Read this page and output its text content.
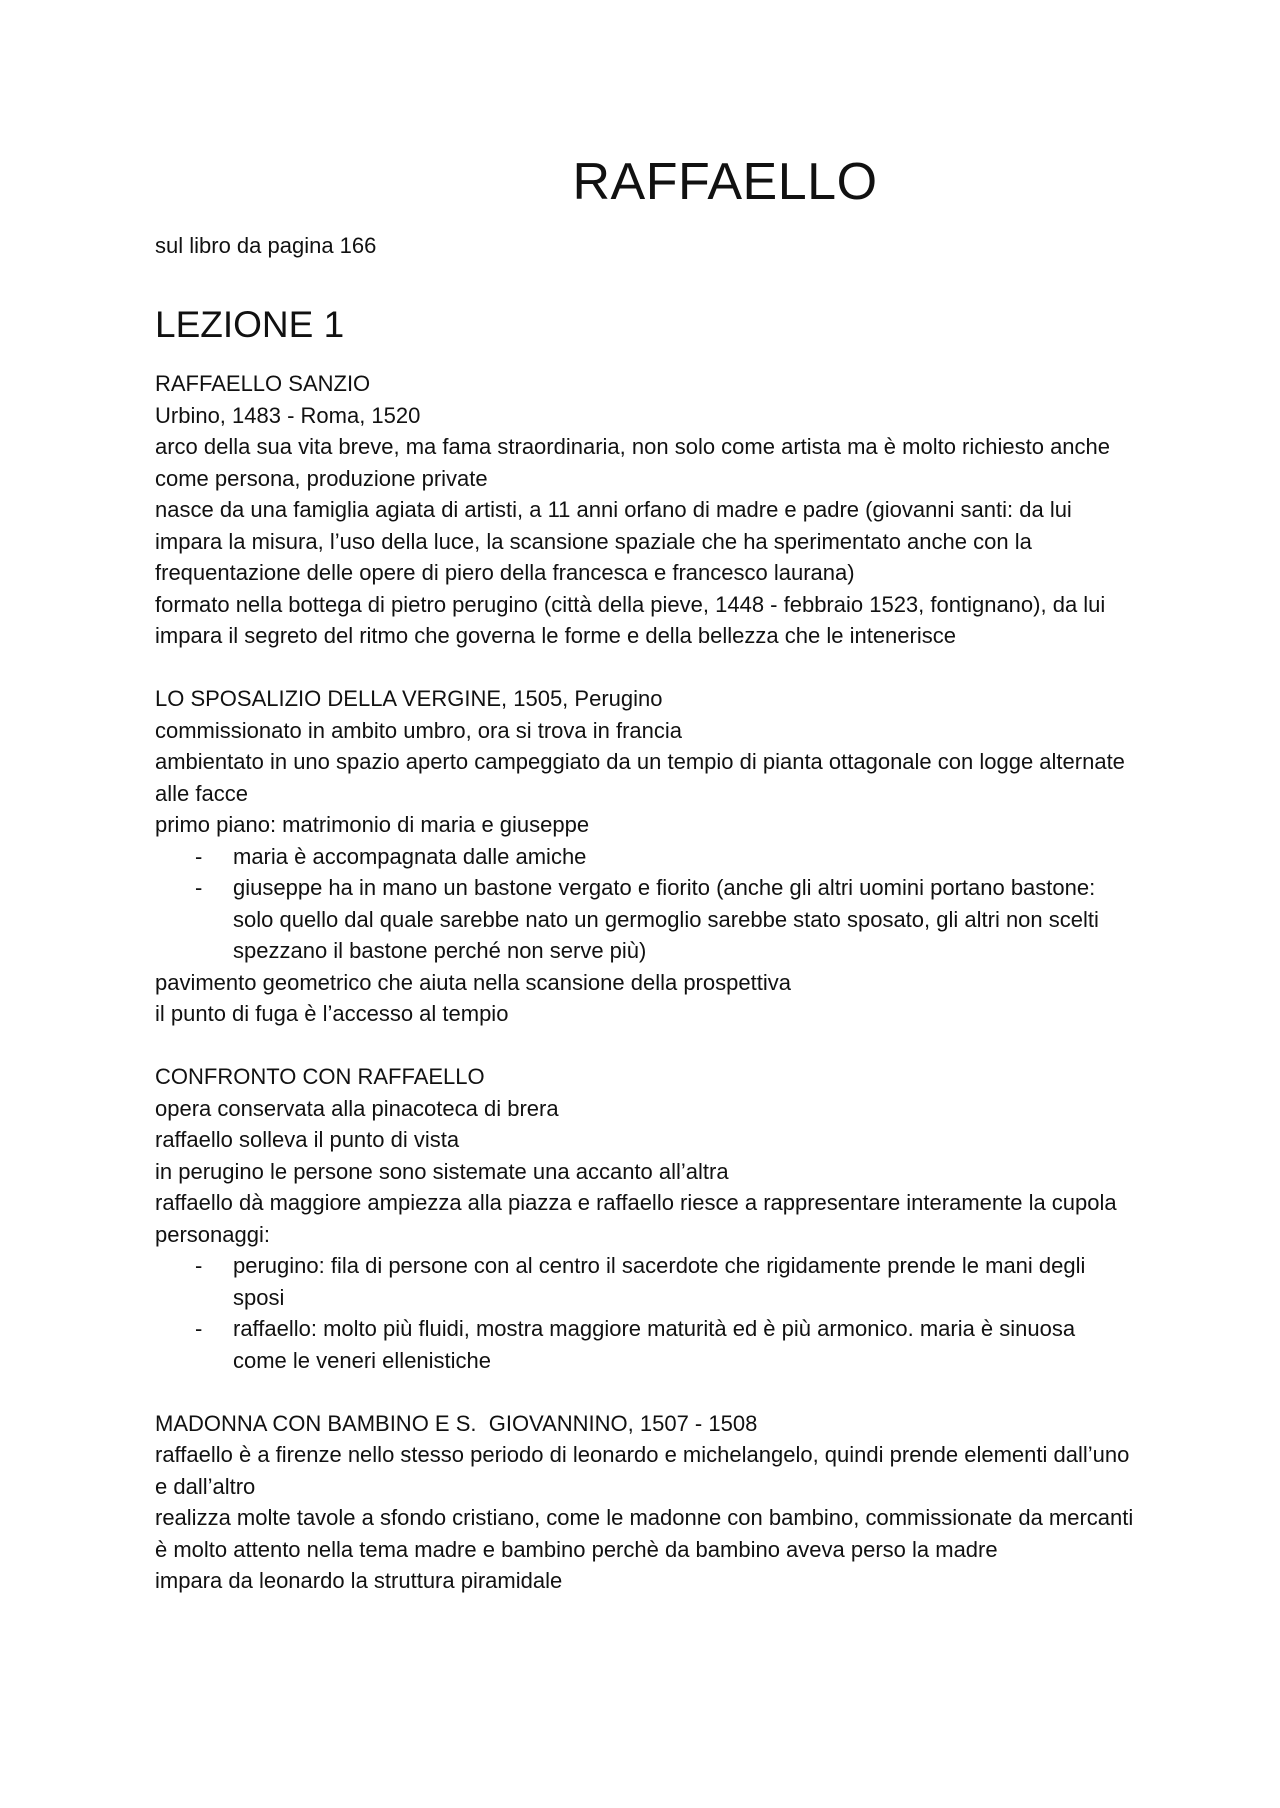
RAFFAELLO

sul libro da pagina 166

LEZIONE 1

RAFFAELLO SANZIO

Urbino, 1483 - Roma, 1520

arco della sua vita breve, ma fama straordinaria, non solo come artista ma è molto richiesto anche come persona, produzione private

nasce da una famiglia agiata di artisti, a 11 anni orfano di madre e padre (giovanni santi: da lui impara la misura, l’uso della luce, la scansione spaziale che ha sperimentato anche con la frequentazione delle opere di piero della francesca e francesco laurana)

formato nella bottega di pietro perugino (città della pieve, 1448 - febbraio 1523, fontignano), da lui impara il segreto del ritmo che governa le forme e della bellezza che le intenerisce

LO SPOSALIZIO DELLA VERGINE, 1505, Perugino

commissionato in ambito umbro, ora si trova in francia

ambientato in uno spazio aperto campeggiato da un tempio di pianta ottagonale con logge alternate alle facce

primo piano: matrimonio di maria e giuseppe

- maria è accompagnata dalle amiche
- giuseppe ha in mano un bastone vergato e fiorito (anche gli altri uomini portano bastone: solo quello dal quale sarebbe nato un germoglio sarebbe stato sposato, gli altri non scelti spezzano il bastone perché non serve più)

pavimento geometrico che aiuta nella scansione della prospettiva

il punto di fuga è l’accesso al tempio

CONFRONTO CON RAFFAELLO

opera conservata alla pinacoteca di brera

raffaello solleva il punto di vista

in perugino le persone sono sistemate una accanto all’altra

raffaello dà maggiore ampiezza alla piazza e raffaello riesce a rappresentare interamente la cupola

personaggi:

- perugino: fila di persone con al centro il sacerdote che rigidamente prende le mani degli sposi
- raffaello: molto più fluidi, mostra maggiore maturità ed è più armonico. maria è sinuosa come le veneri ellenistiche

MADONNA CON BAMBINO E S.  GIOVANNINO, 1507 - 1508

raffaello è a firenze nello stesso periodo di leonardo e michelangelo, quindi prende elementi dall’uno e dall’altro

realizza molte tavole a sfondo cristiano, come le madonne con bambino, commissionate da mercanti

è molto attento nella tema madre e bambino perchè da bambino aveva perso la madre

impara da leonardo la struttura piramidale
